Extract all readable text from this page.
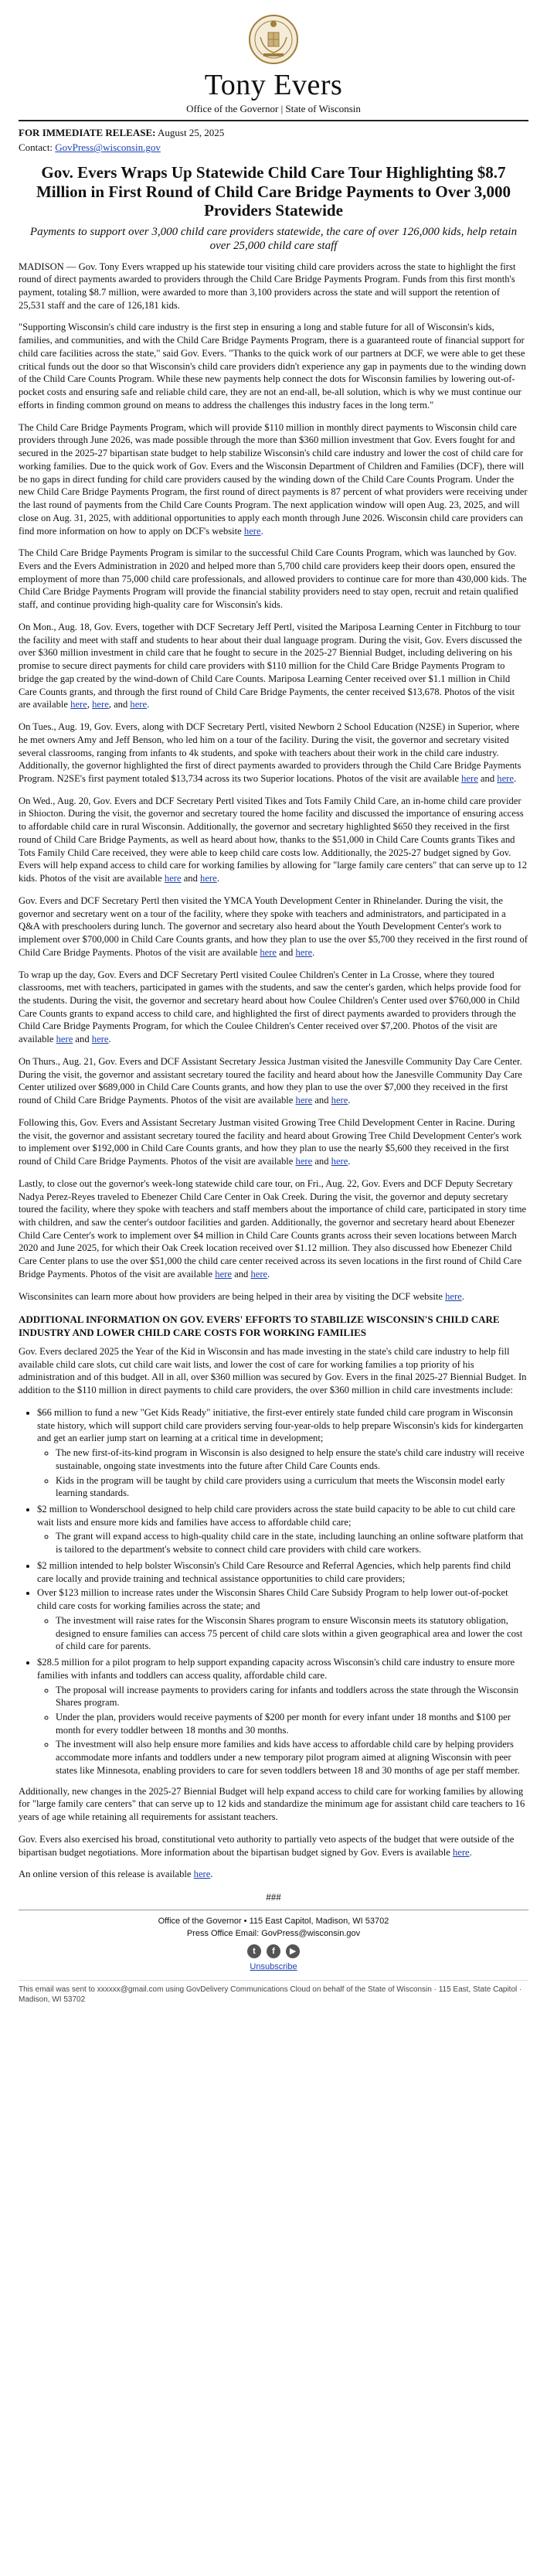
Tony Evers
Office of the Governor | State of Wisconsin
FOR IMMEDIATE RELEASE: August 25, 2025
Contact: GovPress@wisconsin.gov
Gov. Evers Wraps Up Statewide Child Care Tour Highlighting $8.7 Million in First Round of Child Care Bridge Payments to Over 3,000 Providers Statewide
Payments to support over 3,000 child care providers statewide, the care of over 126,000 kids, help retain over 25,000 child care staff

MADISON — Gov. Tony Evers wrapped up his statewide tour visiting child care providers across the state to highlight the first round of direct payments awarded to providers through the Child Care Bridge Payments Program. Funds from this first month's payment, totaling $8.7 million, were awarded to more than 3,100 providers across the state and will support the retention of 25,531 staff and the care of 126,181 kids.

"Supporting Wisconsin's child care industry is the first step in ensuring a long and stable future for all of Wisconsin's kids, families, and communities, and with the Child Care Bridge Payments Program, there is a guaranteed route of financial support for child care facilities across the state," said Gov. Evers. "Thanks to the quick work of our partners at DCF, we were able to get these critical funds out the door so that Wisconsin's child care providers didn't experience any gap in payments due to the winding down of the Child Care Counts Program. While these new payments help connect the dots for Wisconsin families by lowering out-of-pocket costs and ensuring safe and reliable child care, they are not an end-all, be-all solution, which is why we must continue our efforts in finding common ground on means to address the challenges this industry faces in the long term."

The Child Care Bridge Payments Program, which will provide $110 million in monthly direct payments to Wisconsin child care providers through June 2026, was made possible through the more than $360 million investment that Gov. Evers fought for and secured in the 2025-27 bipartisan state budget to help stabilize Wisconsin's child care industry and lower the cost of child care for working families. Due to the quick work of Gov. Evers and the Wisconsin Department of Children and Families (DCF), there will be no gaps in direct funding for child care providers caused by the winding down of the Child Care Counts Program. Under the new Child Care Bridge Payments Program, the first round of direct payments is 87 percent of what providers were receiving under the last round of payments from the Child Care Counts Program. The next application window will open Aug. 23, 2025, and will close on Aug. 31, 2025, with additional opportunities to apply each month through June 2026. Wisconsin child care providers can find more information on how to apply on DCF's website here.

The Child Care Bridge Payments Program is similar to the successful Child Care Counts Program, which was launched by Gov. Evers and the Evers Administration in 2020 and helped more than 5,700 child care providers keep their doors open, ensured the employment of more than 75,000 child care professionals, and allowed providers to continue care for more than 430,000 kids. The Child Care Bridge Payments Program will provide the financial stability providers need to stay open, recruit and retain qualified staff, and continue providing high-quality care for Wisconsin's kids.

On Mon., Aug. 18, Gov. Evers, together with DCF Secretary Jeff Pertl, visited the Mariposa Learning Center in Fitchburg to tour the facility and meet with staff and students to hear about their dual language program. During the visit, Gov. Evers discussed the over $360 million investment in child care that he fought to secure in the 2025-27 Biennial Budget, including delivering on his promise to secure direct payments for child care providers with $110 million for the Child Care Bridge Payments Program to bridge the gap created by the wind-down of Child Care Counts. Mariposa Learning Center received over $1.1 million in Child Care Counts grants, and through the first round of Child Care Bridge Payments, the center received $13,678. Photos of the visit are available here, here, and here.

On Tues., Aug. 19, Gov. Evers, along with DCF Secretary Pertl, visited Newborn 2 School Education (N2SE) in Superior, where he met owners Amy and Jeff Benson, who led him on a tour of the facility. During the visit, the governor and secretary visited several classrooms, ranging from infants to 4k students, and spoke with teachers about their work in the child care industry. Additionally, the governor highlighted the first of direct payments awarded to providers through the Child Care Bridge Payments Program. N2SE's first payment totaled $13,734 across its two Superior locations. Photos of the visit are available here and here.

On Wed., Aug. 20, Gov. Evers and DCF Secretary Pertl visited Tikes and Tots Family Child Care, an in-home child care provider in Shiocton. During the visit, the governor and secretary toured the home facility and discussed the importance of ensuring access to affordable child care in rural Wisconsin. Additionally, the governor and secretary highlighted $650 they received in the first round of Child Care Bridge Payments, as well as heard about how, thanks to the $51,000 in Child Care Counts grants Tikes and Tots Family Child Care received, they were able to keep child care costs low. Additionally, the 2025-27 budget signed by Gov. Evers will help expand access to child care for working families by allowing for "large family care centers" that can serve up to 12 kids. Photos of the visit are available here and here.

Gov. Evers and DCF Secretary Pertl then visited the YMCA Youth Development Center in Rhinelander. During the visit, the governor and secretary went on a tour of the facility, where they spoke with teachers and administrators, and participated in a Q&A with preschoolers during lunch. The governor and secretary also heard about the Youth Development Center's work to implement over $700,000 in Child Care Counts grants, and how they plan to use the over $5,700 they received in the first round of Child Care Bridge Payments. Photos of the visit are available here and here.

To wrap up the day, Gov. Evers and DCF Secretary Pertl visited Coulee Children's Center in La Crosse, where they toured classrooms, met with teachers, participated in games with the students, and saw the center's garden, which helps provide food for the students. During the visit, the governor and secretary heard about how Coulee Children's Center used over $760,000 in Child Care Counts grants to expand access to child care, and highlighted the first of direct payments awarded to providers through the Child Care Bridge Payments Program, for which the Coulee Children's Center received over $7,200. Photos of the visit are available here and here.

On Thurs., Aug. 21, Gov. Evers and DCF Assistant Secretary Jessica Justman visited the Janesville Community Day Care Center. During the visit, the governor and assistant secretary toured the facility and heard about how the Janesville Community Day Care Center utilized over $689,000 in Child Care Counts grants, and how they plan to use the over $7,000 they received in the first round of Child Care Bridge Payments. Photos of the visit are available here and here.

Following this, Gov. Evers and Assistant Secretary Justman visited Growing Tree Child Development Center in Racine. During the visit, the governor and assistant secretary toured the facility and heard about Growing Tree Child Development Center's work to implement over $192,000 in Child Care Counts grants, and how they plan to use the nearly $5,600 they received in the first round of Child Care Bridge Payments. Photos of the visit are available here and here.

Lastly, to close out the governor's week-long statewide child care tour, on Fri., Aug. 22, Gov. Evers and DCF Deputy Secretary Nadya Perez-Reyes traveled to Ebenezer Child Care Center in Oak Creek. During the visit, the governor and deputy secretary toured the facility, where they spoke with teachers and staff members about the importance of child care, participated in story time with children, and saw the center's outdoor facilities and garden. Additionally, the governor and secretary heard about Ebenezer Child Care Center's work to implement over $4 million in Child Care Counts grants across their seven locations between March 2020 and June 2025, for which their Oak Creek location received over $1.12 million. They also discussed how Ebenezer Child Care Center plans to use the over $51,000 the child care center received across its seven locations in the first round of Child Care Bridge Payments. Photos of the visit are available here and here.

Wisconsinites can learn more about how providers are being helped in their area by visiting the DCF website here.

ADDITIONAL INFORMATION ON GOV. EVERS' EFFORTS TO STABILIZE WISCONSIN'S CHILD CARE INDUSTRY AND LOWER CHILD CARE COSTS FOR WORKING FAMILIES

Gov. Evers declared 2025 the Year of the Kid in Wisconsin and has made investing in the state's child care industry to help fill available child care slots, cut child care wait lists, and lower the cost of care for working families a top priority of his administration and of this budget. All in all, over $360 million was secured by Gov. Evers in the final 2025-27 Biennial Budget. In addition to the $110 million in direct payments to child care providers, the over $360 million in child care investments include:

• $66 million to fund a new "Get Kids Ready" initiative, the first-ever entirely state funded child care program in Wisconsin state history, which will support child care providers serving four-year-olds to help prepare Wisconsin's kids for kindergarten and get an earlier jump start on learning at a critical time in development;
◦ The new first-of-its-kind program in Wisconsin is also designed to help ensure the state's child care industry will receive sustainable, ongoing state investments into the future after Child Care Counts ends.
◦ Kids in the program will be taught by child care providers using a curriculum that meets the Wisconsin model early learning standards.
• $2 million to Wonderschool designed to help child care providers across the state build capacity to be able to cut child care wait lists and ensure more kids and families have access to affordable child care;
◦ The grant will expand access to high-quality child care in the state, including launching an online software platform that is tailored to the department's website to connect child care providers with child care workers.
• $2 million intended to help bolster Wisconsin's Child Care Resource and Referral Agencies, which help parents find child care locally and provide training and technical assistance opportunities to child care providers;
• Over $123 million to increase rates under the Wisconsin Shares Child Care Subsidy Program to help lower out-of-pocket child care costs for working families across the state; and
◦ The investment will raise rates for the Wisconsin Shares program to ensure Wisconsin meets its statutory obligation, designed to ensure families can access 75 percent of child care slots within a given geographical area and lower the cost of child care for parents.
• $28.5 million for a pilot program to help support expanding capacity across Wisconsin's child care industry to ensure more families with infants and toddlers can access quality, affordable child care.
◦ The proposal will increase payments to providers caring for infants and toddlers across the state through the Wisconsin Shares program.
◦ Under the plan, providers would receive payments of $200 per month for every infant under 18 months and $100 per month for every toddler between 18 months and 30 months.
◦ The investment will also help ensure more families and kids have access to affordable child care by helping providers accommodate more infants and toddlers under a new temporary pilot program aimed at aligning Wisconsin with peer states like Minnesota, enabling providers to care for seven toddlers between 18 and 30 months of age per staff member.

Additionally, new changes in the 2025-27 Biennial Budget will help expand access to child care for working families by allowing for "large family care centers" that can serve up to 12 kids and standardize the minimum age for assistant child care teachers to 16 years of age while retaining all requirements for assistant teachers.

Gov. Evers also exercised his broad, constitutional veto authority to partially veto aspects of the budget that were outside of the bipartisan budget negotiations. More information about the bipartisan budget signed by Gov. Evers is available here.

An online version of this release is available here.

###
Office of the Governor • 115 East Capitol, Madison, WI 53702
Press Office Email: GovPress@wisconsin.gov
t f ▶
Unsubscribe
This email was sent to xxxxxx@gmail.com using GovDelivery Communications Cloud on behalf of the State of Wisconsin · 115 East, State Capitol · Madison, WI 53702
